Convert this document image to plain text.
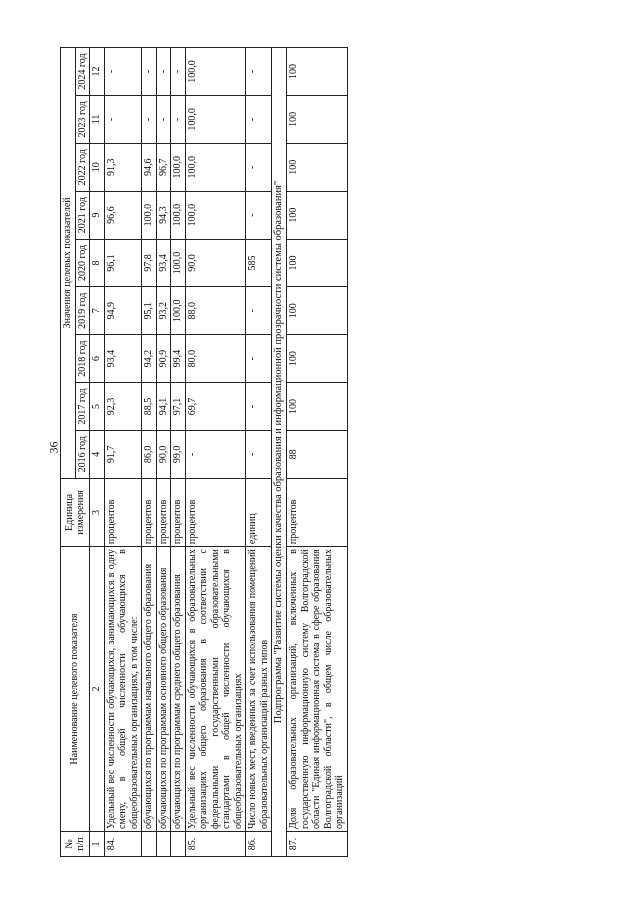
36
№ п/п	Наименование целевого показателя	Единица измерения	Значения целевых показателей								
			2016 год	2017 год	2018 год	2019 год	2020 год	2021 год	2022 год	2023 год	2024 год
1	2	3	4	5	6	7	8	9	10	11	12
84.	Удельный вес численности обучающихся, занимающихся в одну смену, в общей численности обучающихся в общеобразовательных организациях, в том числе:	процентов	91,7	92,3	93,4	94,9	96,1	96,6	91,3	-	-
	обучающихся по программам начального общего образования	процентов	86,0	88,5	94,2	95,1	97,8	100,0	94,6	-	-
	обучающихся по программам основного общего образования	процентов	90,0	94,1	90,9	93,2	93,4	94,3	96,7	-	-
	обучающихся по программам среднего общего образования	процентов	99,0	97,1	99,4	100,0	100,0	100,0	100,0	-	-
85.	Удельный вес численности обучающихся в образовательных организациях общего образования в соответствии с федеральными государственными образовательными стандартами в общей численности обучающихся в общеобразовательных организациях	процентов	-	69,7	80,0	88,0	90,0	100,0	100,0	100,0	100,0
86.	Число новых мест, введенных за счет использования помещений образовательных организаций разных типов	единиц	-	-	-	-	585	-	-	-	-
Подпрограмма "Развитие системы оценки качества образования и информационной прозрачности системы образования"											
87.	Доля образовательных организаций, включенных в государственную информационную систему Волгоградской области "Единая информационная система в сфере образования Волгоградской области", в общем числе образовательных организаций	процентов	88	100	100	100	100	100	100	100	100
